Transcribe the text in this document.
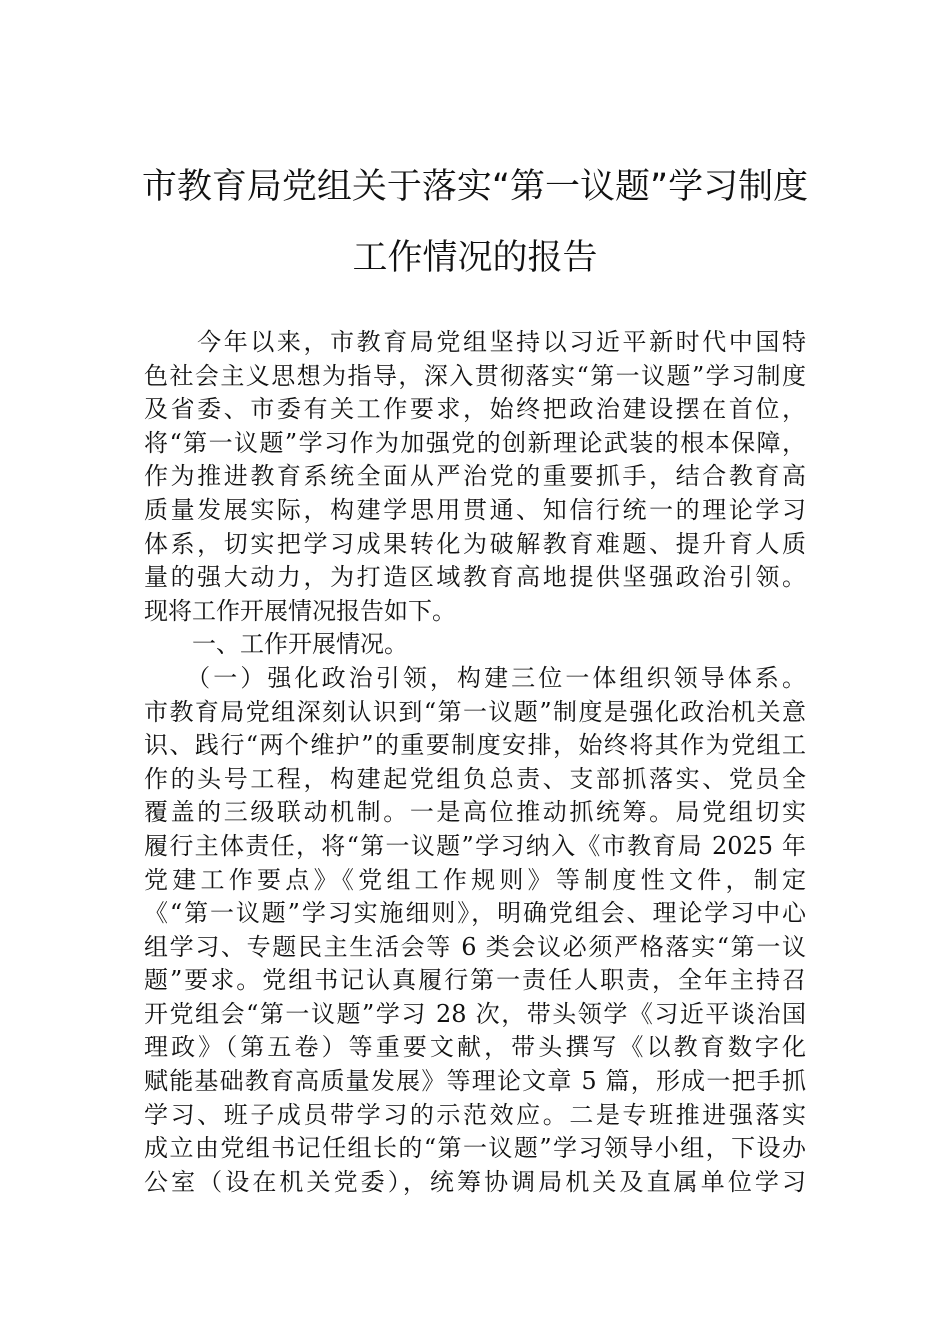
市教育局党组关于落实“第一议题”学习制度
工作情况的报告
　　今年以来，市教育局党组坚持以习近平新时代中国特
色社会主义思想为指导，深入贯彻落实“第一议题”学习制度
及省委、市委有关工作要求，始终把政治建设摆在首位，
将“第一议题”学习作为加强党的创新理论武装的根本保障，
作为推进教育系统全面从严治党的重要抓手，结合教育高
质量发展实际，构建学思用贯通、知信行统一的理论学习
体系，切实把学习成果转化为破解教育难题、提升育人质
量的强大动力，为打造区域教育高地提供坚强政治引领。
现将工作开展情况报告如下。
　　一、工作开展情况。
　　（一）强化政治引领，构建三位一体组织领导体系。
市教育局党组深刻认识到“第一议题”制度是强化政治机关意
识、践行“两个维护”的重要制度安排，始终将其作为党组工
作的头号工程，构建起党组负总责、支部抓落实、党员全
覆盖的三级联动机制。一是高位推动抓统筹。局党组切实
履行主体责任，将“第一议题”学习纳入《市教育局 2025 年
党建工作要点》《党组工作规则》等制度性文件，制定
《“第一议题”学习实施细则》，明确党组会、理论学习中心
组学习、专题民主生活会等 6 类会议必须严格落实“第一议
题”要求。党组书记认真履行第一责任人职责，全年主持召
开党组会“第一议题”学习 28 次，带头领学《习近平谈治国
理政》（第五卷）等重要文献，带头撰写《以教育数字化
赋能基础教育高质量发展》等理论文章 5 篇，形成一把手抓
学习、班子成员带学习的示范效应。二是专班推进强落实
成立由党组书记任组长的“第一议题”学习领导小组，下设办
公室（设在机关党委），统筹协调局机关及直属单位学习
